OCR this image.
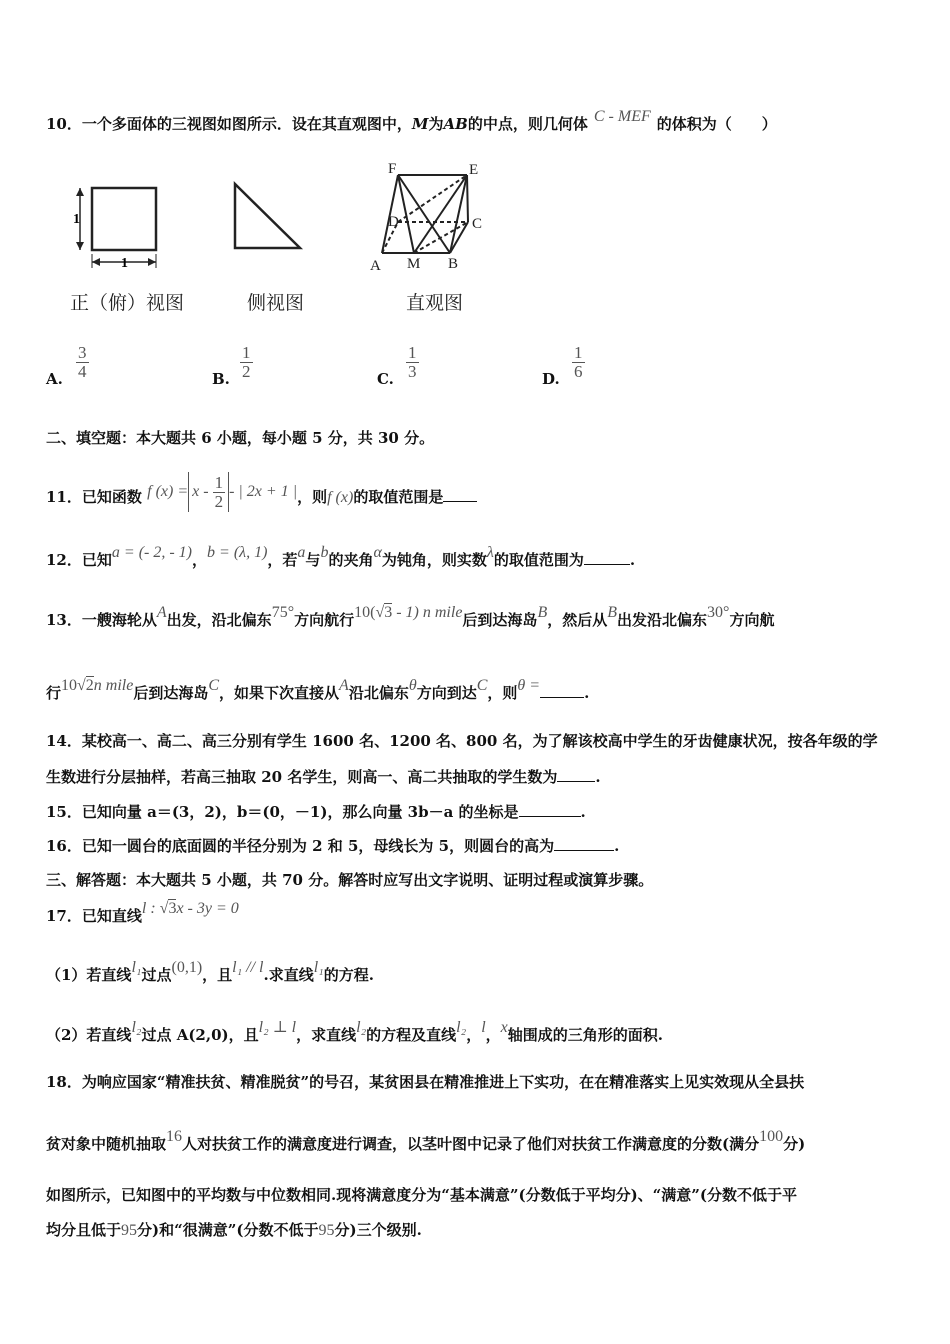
10．一个多面体的三视图如图所示．设在其直观图中，M为AB的中点，则几何体 C - MEF 的体积为（　　）
1
1
F	E
D	C
A M B
正（俯）视图	侧视图	直观图
A. $\frac{3}{4}$	B. $\frac{1}{2}$	C. $\frac{1}{3}$	D. $\frac{1}{6}$
二、填空题：本大题共 6 小题，每小题 5 分，共 30 分。
11．已知函数 f $(x) = x - \frac{1}{2}$ - | 2x + 1 |，则f (x)的取值范围是
12．已知a = (- 2, - 1)，b = (λ, 1)，若a与b的夹角α为钝角，则实数λ的取值范围为	.
13．一艘海轮从A出发，沿北偏东75°方向航行10(√3 - 1) n mile后到达海岛B，然后从B出发沿北偏东30°方向航
行10√2n mile后到达海岛C，如果下次直接从A沿北偏东θ方向到达C，则θ =	.
14．某校高一、高二、高三分别有学生 1600 名、1200 名、800 名，为了解该校高中学生的牙齿健康状况，按各年级的学
生数进行分层抽样，若高三抽取 20 名学生，则高一、高二共抽取的学生数为	.
15．已知向量 a＝(3，2)，b＝(0，－1)，那么向量 3b－a 的坐标是	.
16．已知一圆台的底面圆的半径分别为 2 和 5，母线长为 5，则圆台的高为	.
三、解答题：本大题共 5 小题，共 70 分。解答时应写出文字说明、证明过程或演算步骤。
17．已知直线l : √3x - 3y = 0
（1）若直线l₁过点(0,1)，且l₁ // l.求直线l₁的方程.
（2）若直线l₂过点 A(2,0)，且l₂ ⊥ l，求直线l₂的方程及直线l₂，l，x轴围成的三角形的面积.
18．为响应国家“精准扶贫、精准脱贫”的号召，某贫困县在精准推进上下实功，在在精准落实上见实效现从全县扶
贫对象中随机抽取16人对扶贫工作的满意度进行调查，以茎叶图中记录了他们对扶贫工作满意度的分数(满分100分)
如图所示，已知图中的平均数与中位数相同.现将满意度分为“基本满意”(分数低于平均分)、“满意”(分数不低于平
均分且低于95分)和“很满意”(分数不低于95分)三个级别.
